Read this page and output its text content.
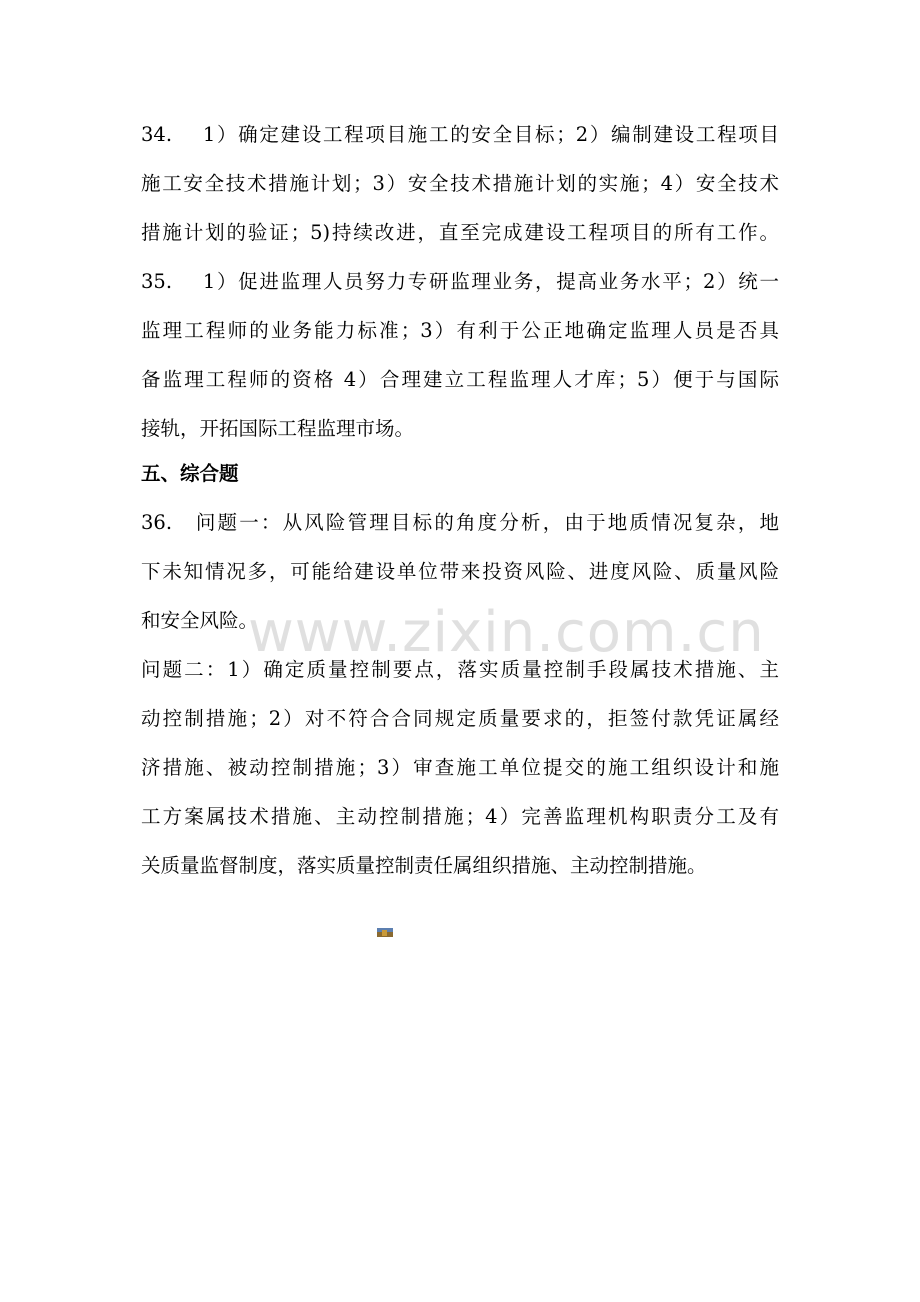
34.　 1）确定建设工程项目施工的安全目标；2）编制建设工程项目
施工安全技术措施计划；3）安全技术措施计划的实施；4）安全技术
措施计划的验证；5)持续改进，直至完成建设工程项目的所有工作。
35.　 1）促进监理人员努力专研监理业务，提高业务水平；2）统一
监理工程师的业务能力标准；3）有利于公正地确定监理人员是否具
备监理工程师的资格 4）合理建立工程监理人才库；5）便于与国际
接轨，开拓国际工程监理市场。
五、综合题
36.　问题一：从风险管理目标的角度分析，由于地质情况复杂，地
下未知情况多，可能给建设单位带来投资风险、进度风险、质量风险
和安全风险。
问题二：1）确定质量控制要点，落实质量控制手段属技术措施、主
动控制措施；2）对不符合合同规定质量要求的，拒签付款凭证属经
济措施、被动控制措施；3）审查施工单位提交的施工组织设计和施
工方案属技术措施、主动控制措施；4）完善监理机构职责分工及有
关质量监督制度，落实质量控制责任属组织措施、主动控制措施。
www.zixin.com.cn
